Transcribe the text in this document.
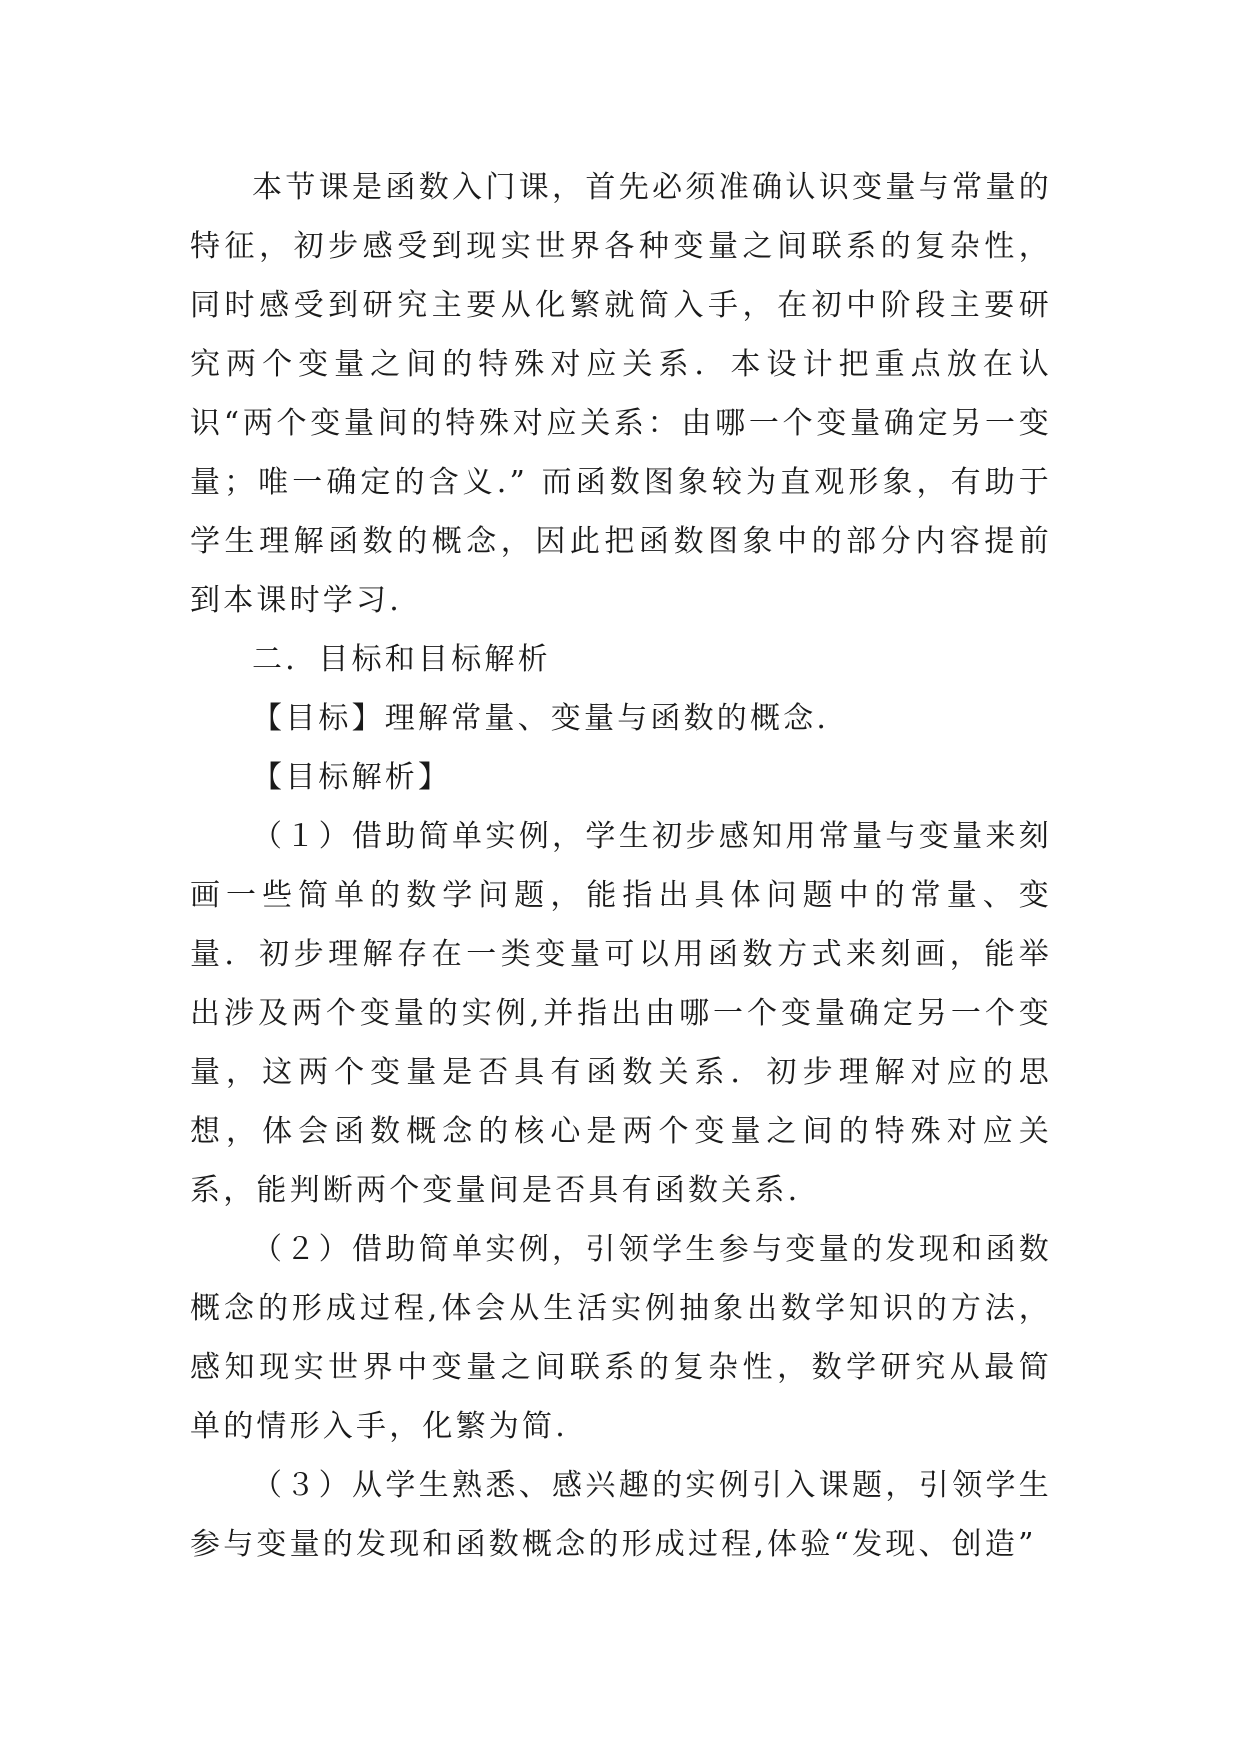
本节课是函数入门课，首先必须准确认识变量与常量的特征，初步感受到现实世界各种变量之间联系的复杂性，同时感受到研究主要从化繁就简入手，在初中阶段主要研究两个变量之间的特殊对应关系．本设计把重点放在认识“两个变量间的特殊对应关系：由哪一个变量确定另一变量；唯一确定的含义.” 而函数图象较为直观形象，有助于学生理解函数的概念，因此把函数图象中的部分内容提前到本课时学习.

二．目标和目标解析

【目标】理解常量、变量与函数的概念.

【目标解析】

（１）借助简单实例，学生初步感知用常量与变量来刻画一些简单的数学问题，能指出具体问题中的常量、变量．初步理解存在一类变量可以用函数方式来刻画，能举出涉及两个变量的实例,并指出由哪一个变量确定另一个变量，这两个变量是否具有函数关系．初步理解对应的思想，体会函数概念的核心是两个变量之间的特殊对应关系，能判断两个变量间是否具有函数关系.

（２）借助简单实例，引领学生参与变量的发现和函数概念的形成过程,体会从生活实例抽象出数学知识的方法，感知现实世界中变量之间联系的复杂性，数学研究从最简单的情形入手，化繁为简.

（３）从学生熟悉、感兴趣的实例引入课题，引领学生参与变量的发现和函数概念的形成过程,体验“发现、创造”
